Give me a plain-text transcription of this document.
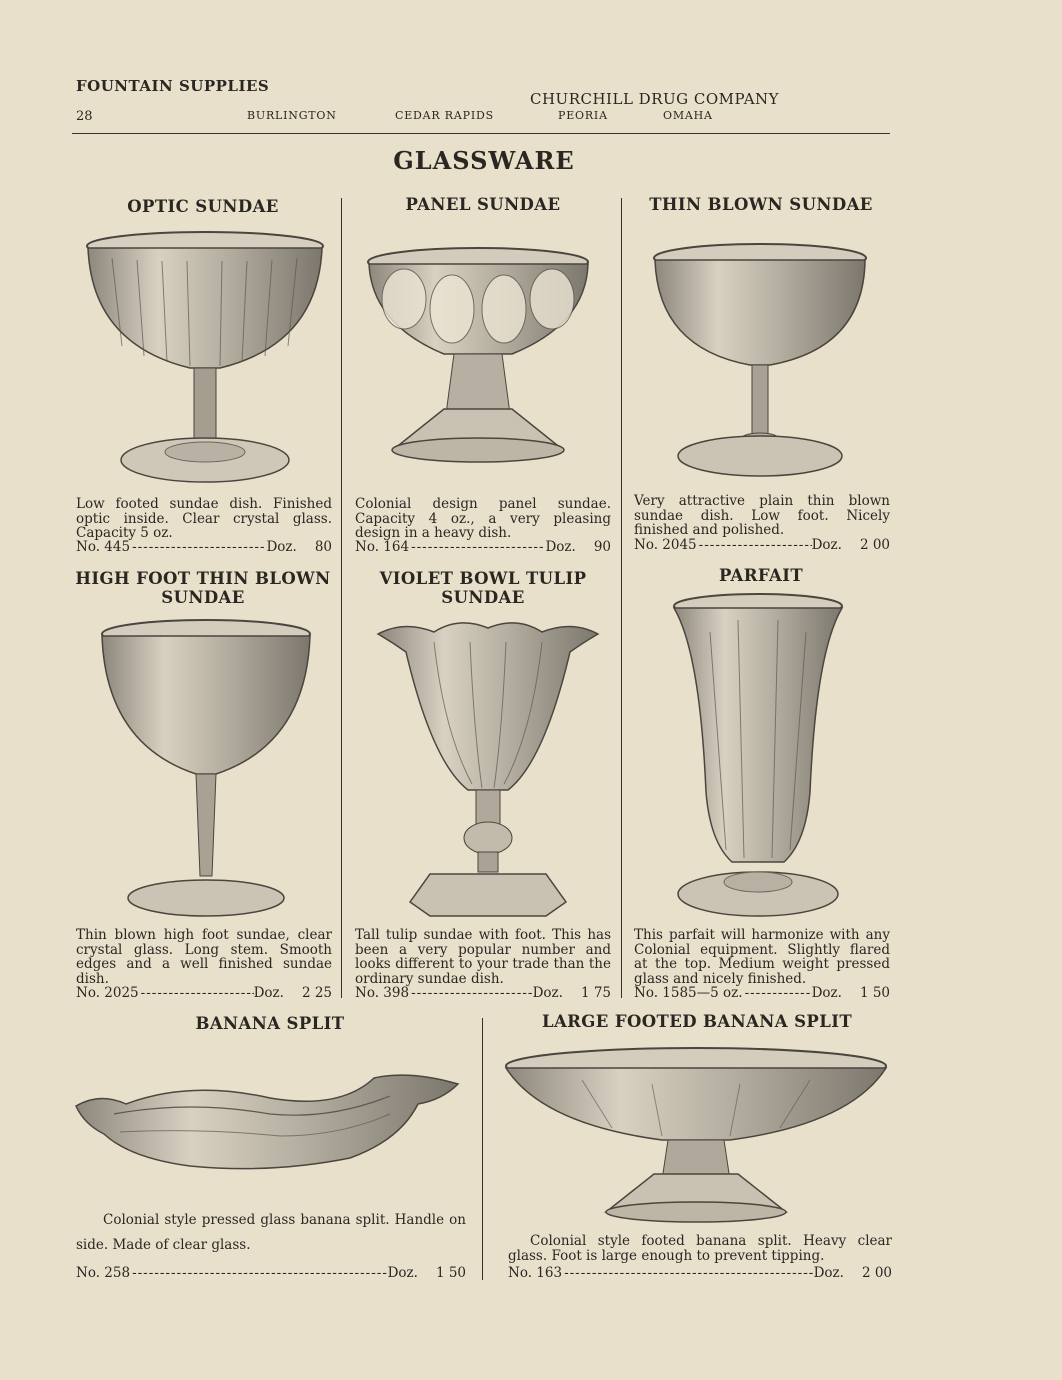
FOUNTAIN SUPPLIES
28
CHURCHILL DRUG COMPANY
BURLINGTON	CEDAR RAPIDS	PEORIA	OMAHA
GLASSWARE
OPTIC SUNDAE
Low footed sundae dish. Finished optic inside. Clear crystal glass. Capacity 5 oz.
No. 445 -----	Doz.	80
PANEL SUNDAE
Colonial design panel sundae. Capacity 4 oz., a very pleasing design in a heavy dish.
No. 164 -----	Doz.	90
THIN BLOWN SUNDAE
Very attractive plain thin blown sundae dish. Low foot. Nicely finished and polished.
No. 2045 -----	Doz.	2 00
HIGH FOOT THIN BLOWN
SUNDAE
Thin blown high foot sundae, clear crystal glass. Long stem. Smooth edges and a well finished sundae dish.
No. 2025 -----	Doz.	2 25
VIOLET BOWL TULIP
SUNDAE
Tall tulip sundae with foot. This has been a very popular number and looks different to your trade than the ordinary sundae dish.
No. 398 -----	Doz.	1 75
PARFAIT
This parfait will harmonize with any Colonial equipment. Slightly flared at the top. Medium weight pressed glass and nicely finished.
No. 1585—5 oz. -----	Doz.	1 50
BANANA SPLIT
Colonial style pressed glass banana split. Handle on side. Made of clear glass.
No. 258 -----	Doz.	1 50
LARGE FOOTED BANANA SPLIT
Colonial style footed banana split. Heavy clear glass. Foot is large enough to prevent tipping.
No. 163 -----	Doz.	2 00
